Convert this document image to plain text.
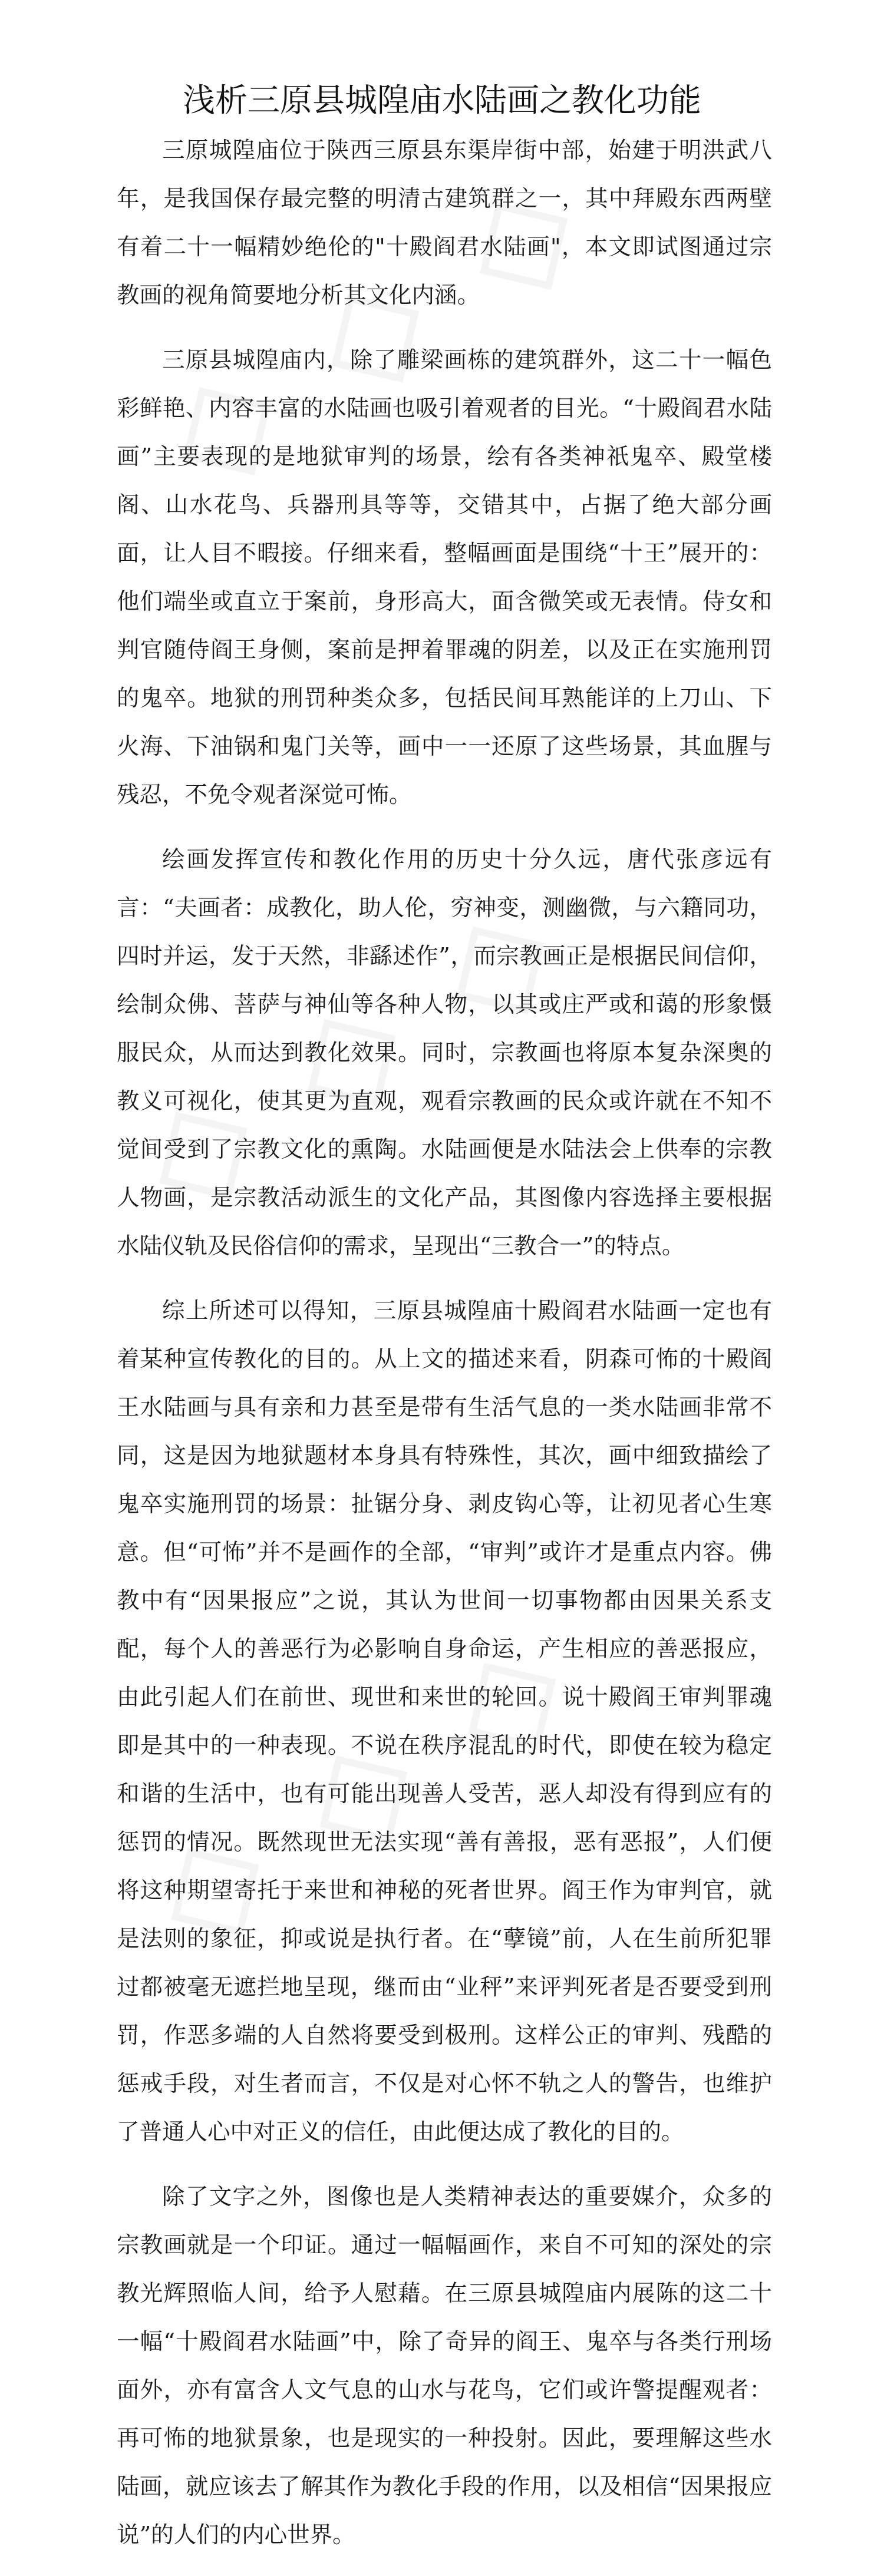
浅析三原县城隍庙水陆画之教化功能

三原城隍庙位于陕西三原县东渠岸街中部，始建于明洪武八年，是我国保存最完整的明清古建筑群之一，其中拜殿东西两壁有着二十一幅精妙绝伦的"十殿阎君水陆画"，本文即试图通过宗教画的视角简要地分析其文化内涵。

三原县城隍庙内，除了雕梁画栋的建筑群外，这二十一幅色彩鲜艳、内容丰富的水陆画也吸引着观者的目光。“十殿阎君水陆画”主要表现的是地狱审判的场景，绘有各类神祇鬼卒、殿堂楼阁、山水花鸟、兵器刑具等等，交错其中，占据了绝大部分画面，让人目不暇接。仔细来看，整幅画面是围绕“十王”展开的：他们端坐或直立于案前，身形高大，面含微笑或无表情。侍女和判官随侍阎王身侧，案前是押着罪魂的阴差，以及正在实施刑罚的鬼卒。地狱的刑罚种类众多，包括民间耳熟能详的上刀山、下火海、下油锅和鬼门关等，画中一一还原了这些场景，其血腥与残忍，不免令观者深觉可怖。

绘画发挥宣传和教化作用的历史十分久远，唐代张彦远有言：“夫画者：成教化，助人伦，穷神变，测幽微，与六籍同功，四时并运，发于天然，非繇述作”，而宗教画正是根据民间信仰，绘制众佛、菩萨与神仙等各种人物，以其或庄严或和蔼的形象慑服民众，从而达到教化效果。同时，宗教画也将原本复杂深奥的教义可视化，使其更为直观，观看宗教画的民众或许就在不知不觉间受到了宗教文化的熏陶。水陆画便是水陆法会上供奉的宗教人物画，是宗教活动派生的文化产品，其图像内容选择主要根据水陆仪轨及民俗信仰的需求，呈现出“三教合一”的特点。

综上所述可以得知，三原县城隍庙十殿阎君水陆画一定也有着某种宣传教化的目的。从上文的描述来看，阴森可怖的十殿阎王水陆画与具有亲和力甚至是带有生活气息的一类水陆画非常不同，这是因为地狱题材本身具有特殊性，其次，画中细致描绘了鬼卒实施刑罚的场景：扯锯分身、剥皮钩心等，让初见者心生寒意。但“可怖”并不是画作的全部，“审判”或许才是重点内容。佛教中有“因果报应”之说，其认为世间一切事物都由因果关系支配，每个人的善恶行为必影响自身命运，产生相应的善恶报应，由此引起人们在前世、现世和来世的轮回。说十殿阎王审判罪魂即是其中的一种表现。不说在秩序混乱的时代，即使在较为稳定和谐的生活中，也有可能出现善人受苦，恶人却没有得到应有的惩罚的情况。既然现世无法实现“善有善报，恶有恶报”，人们便将这种期望寄托于来世和神秘的死者世界。阎王作为审判官，就是法则的象征，抑或说是执行者。在“孽镜”前，人在生前所犯罪过都被毫无遮拦地呈现，继而由“业秤”来评判死者是否要受到刑罚，作恶多端的人自然将要受到极刑。这样公正的审判、残酷的惩戒手段，对生者而言，不仅是对心怀不轨之人的警告，也维护了普通人心中对正义的信任，由此便达成了教化的目的。

除了文字之外，图像也是人类精神表达的重要媒介，众多的宗教画就是一个印证。通过一幅幅画作，来自不可知的深处的宗教光辉照临人间，给予人慰藉。在三原县城隍庙内展陈的这二十一幅“十殿阎君水陆画”中，除了奇异的阎王、鬼卒与各类行刑场面外，亦有富含人文气息的山水与花鸟，它们或许警提醒观者：再可怖的地狱景象，也是现实的一种投射。因此，要理解这些水陆画，就应该去了解其作为教化手段的作用，以及相信“因果报应说”的人们的内心世界。
